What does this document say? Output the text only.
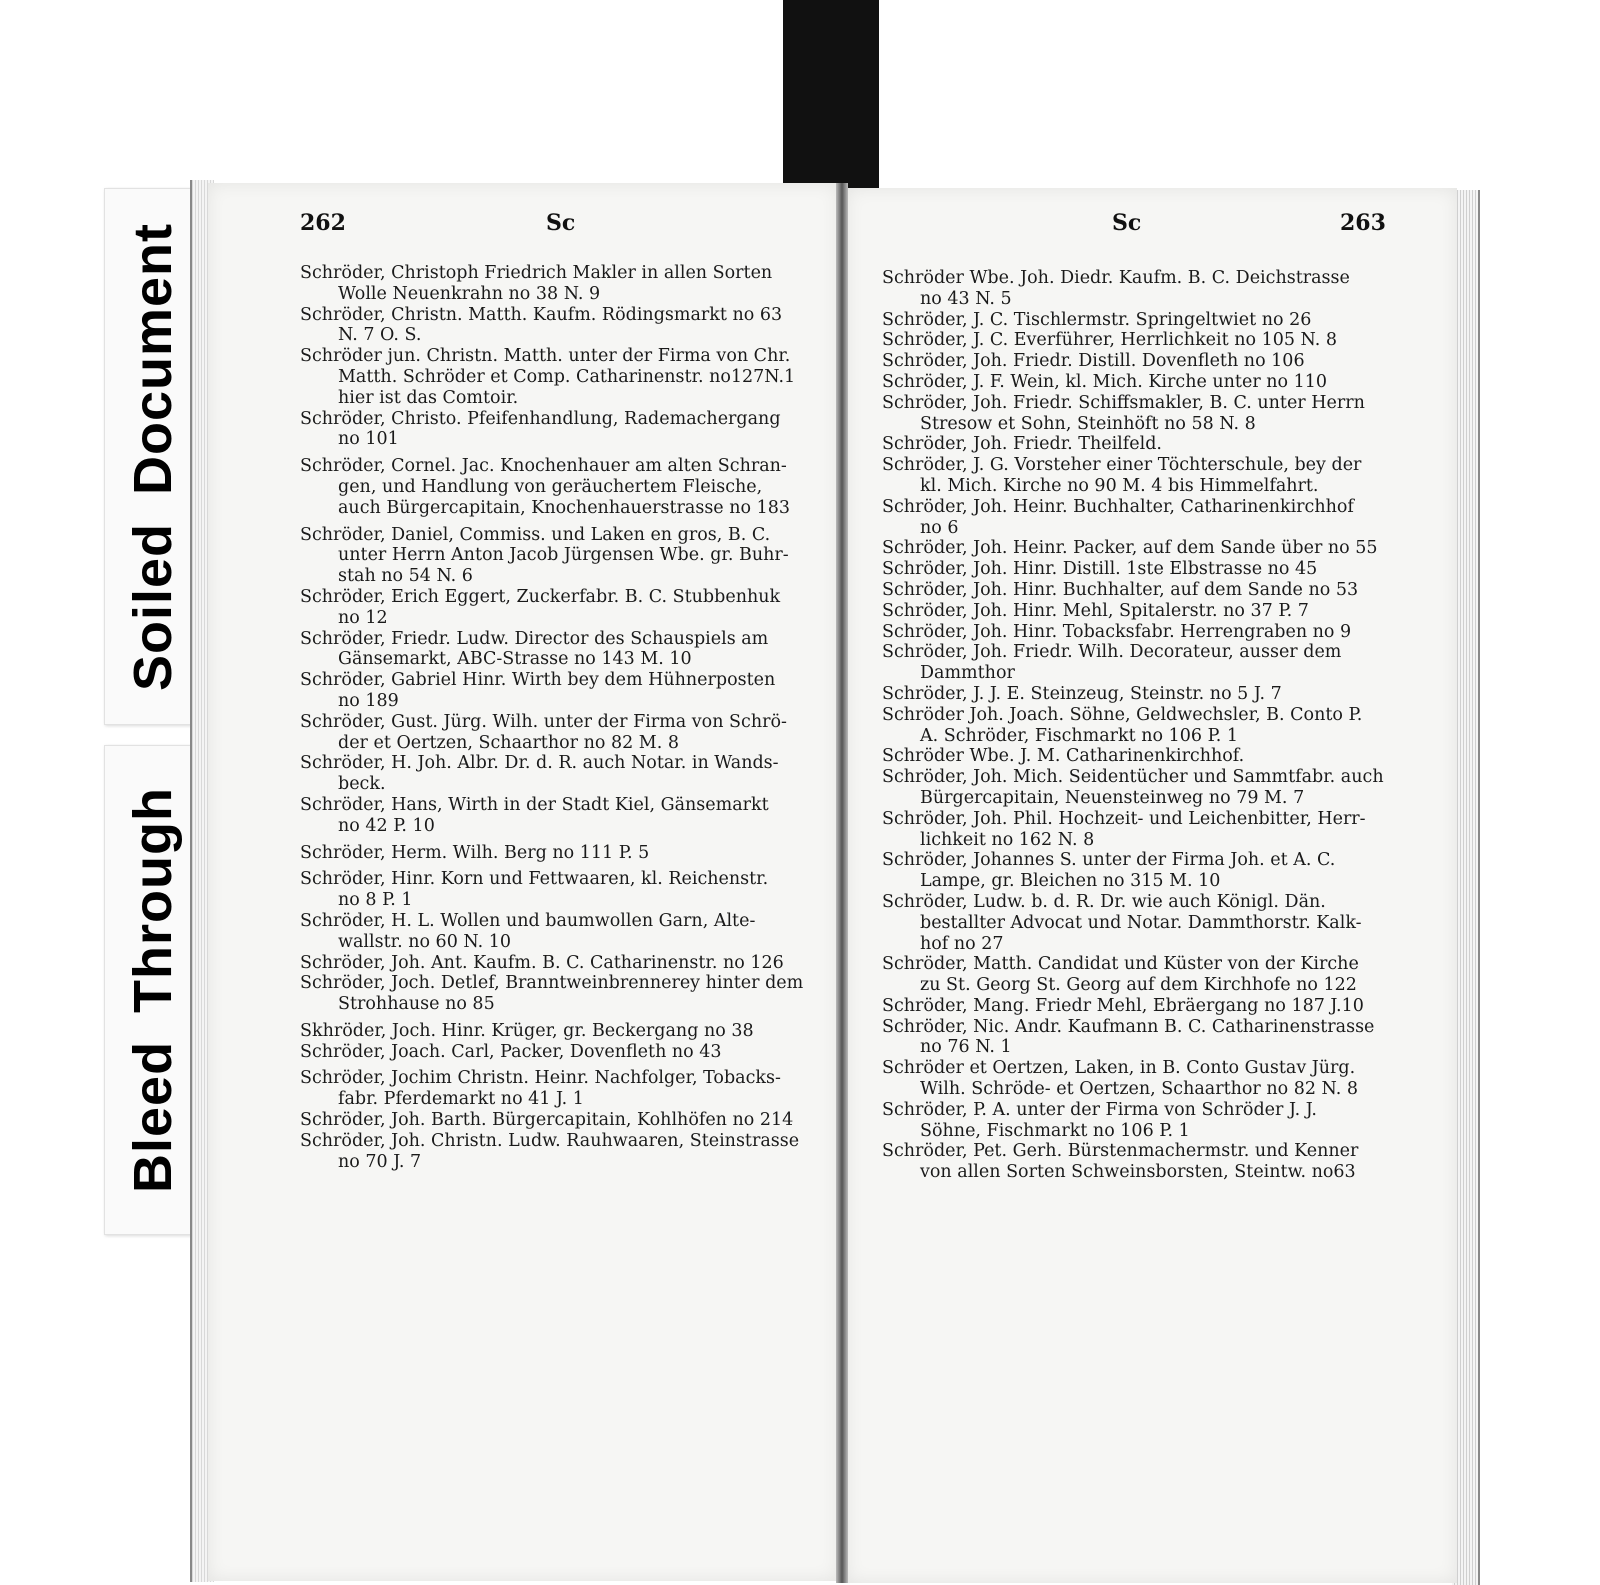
SoiledDocument
BleedThrough
262	Sc	Sc	263
Schröder, Christoph Friedrich Makler in allen Sorten
Wolle Neuenkrahn no 38 N. 9
Schröder, Christn. Matth. Kaufm. Rödingsmarkt no 63
N. 7 O. S.
Schröder jun. Christn. Matth. unter der Firma von Chr.
Matth. Schröder et Comp. Catharinenstr. no127N.1
hier ist das Comtoir.
Schröder, Christo. Pfeifenhandlung, Rademachergang
no 101
Schröder, Cornel. Jac. Knochenhauer am alten Schran-
gen, und Handlung von geräuchertem Fleische,
auch Bürgercapitain, Knochenhauerstrasse no 183
Schröder, Daniel, Commiss. und Laken en gros, B. C.
unter Herrn Anton Jacob Jürgensen Wbe. gr. Buhr-
stah no 54 N. 6
Schröder, Erich Eggert, Zuckerfabr. B. C. Stubbenhuk
no 12
Schröder, Friedr. Ludw. Director des Schauspiels am
Gänsemarkt, ABC-Strasse no 143 M. 10
Schröder, Gabriel Hinr. Wirth bey dem Hühnerposten
no 189
Schröder, Gust. Jürg. Wilh. unter der Firma von Schrö-
der et Oertzen, Schaarthor no 82 M. 8
Schröder, H. Joh. Albr. Dr. d. R. auch Notar. in Wands-
beck.
Schröder, Hans, Wirth in der Stadt Kiel, Gänsemarkt
no 42 P. 10
Schröder, Herm. Wilh. Berg no 111 P. 5
Schröder, Hinr. Korn und Fettwaaren, kl. Reichenstr.
no 8 P. 1
Schröder, H. L. Wollen und baumwollen Garn, Alte-
wallstr. no 60 N. 10
Schröder, Joh. Ant. Kaufm. B. C. Catharinenstr. no 126
Schröder, Joch. Detlef, Branntweinbrennerey hinter dem
Strohhause no 85
Skhröder, Joch. Hinr. Krüger, gr. Beckergang no 38
Schröder, Joach. Carl, Packer, Dovenfleth no 43
Schröder, Jochim Christn. Heinr. Nachfolger, Tobacks-
fabr. Pferdemarkt no 41 J. 1
Schröder, Joh. Barth. Bürgercapitain, Kohlhöfen no 214
Schröder, Joh. Christn. Ludw. Rauhwaaren, Steinstrasse
no 70 J. 7
Schröder Wbe. Joh. Diedr. Kaufm. B. C. Deichstrasse
no 43 N. 5
Schröder, J. C. Tischlermstr. Springeltwiet no 26
Schröder, J. C. Everführer, Herrlichkeit no 105 N. 8
Schröder, Joh. Friedr. Distill. Dovenfleth no 106
Schröder, J. F. Wein, kl. Mich. Kirche unter no 110
Schröder, Joh. Friedr. Schiffsmakler, B. C. unter Herrn
Stresow et Sohn, Steinhöft no 58 N. 8
Schröder, Joh. Friedr. Theilfeld.
Schröder, J. G. Vorsteher einer Töchterschule, bey der
kl. Mich. Kirche no 90 M. 4 bis Himmelfahrt.
Schröder, Joh. Heinr. Buchhalter, Catharinenkirchhof
no 6
Schröder, Joh. Heinr. Packer, auf dem Sande über no 55
Schröder, Joh. Hinr. Distill. 1ste Elbstrasse no 45
Schröder, Joh. Hinr. Buchhalter, auf dem Sande no 53
Schröder, Joh. Hinr. Mehl, Spitalerstr. no 37 P. 7
Schröder, Joh. Hinr. Tobacksfabr. Herrengraben no 9
Schröder, Joh. Friedr. Wilh. Decorateur, ausser dem
Dammthor
Schröder, J. J. E. Steinzeug, Steinstr. no 5 J. 7
Schröder Joh. Joach. Söhne, Geldwechsler, B. Conto P.
A. Schröder, Fischmarkt no 106 P. 1
Schröder Wbe. J. M. Catharinenkirchhof.
Schröder, Joh. Mich. Seidentücher und Sammtfabr. auch
Bürgercapitain, Neuensteinweg no 79 M. 7
Schröder, Joh. Phil. Hochzeit- und Leichenbitter, Herr-
lichkeit no 162 N. 8
Schröder, Johannes S. unter der Firma Joh. et A. C.
Lampe, gr. Bleichen no 315 M. 10
Schröder, Ludw. b. d. R. Dr. wie auch Königl. Dän.
bestallter Advocat und Notar. Dammthorstr. Kalk-
hof no 27
Schröder, Matth. Candidat und Küster von der Kirche
zu St. Georg St. Georg auf dem Kirchhofe no 122
Schröder, Mang. Friedr Mehl, Ebräergang no 187 J.10
Schröder, Nic. Andr. Kaufmann B. C. Catharinenstrasse
no 76 N. 1
Schröder et Oertzen, Laken, in B. Conto Gustav Jürg.
Wilh. Schröde- et Oertzen, Schaarthor no 82 N. 8
Schröder, P. A. unter der Firma von Schröder J. J.
Söhne, Fischmarkt no 106 P. 1
Schröder, Pet. Gerh. Bürstenmachermstr. und Kenner
von allen Sorten Schweinsborsten, Steintw. no63
